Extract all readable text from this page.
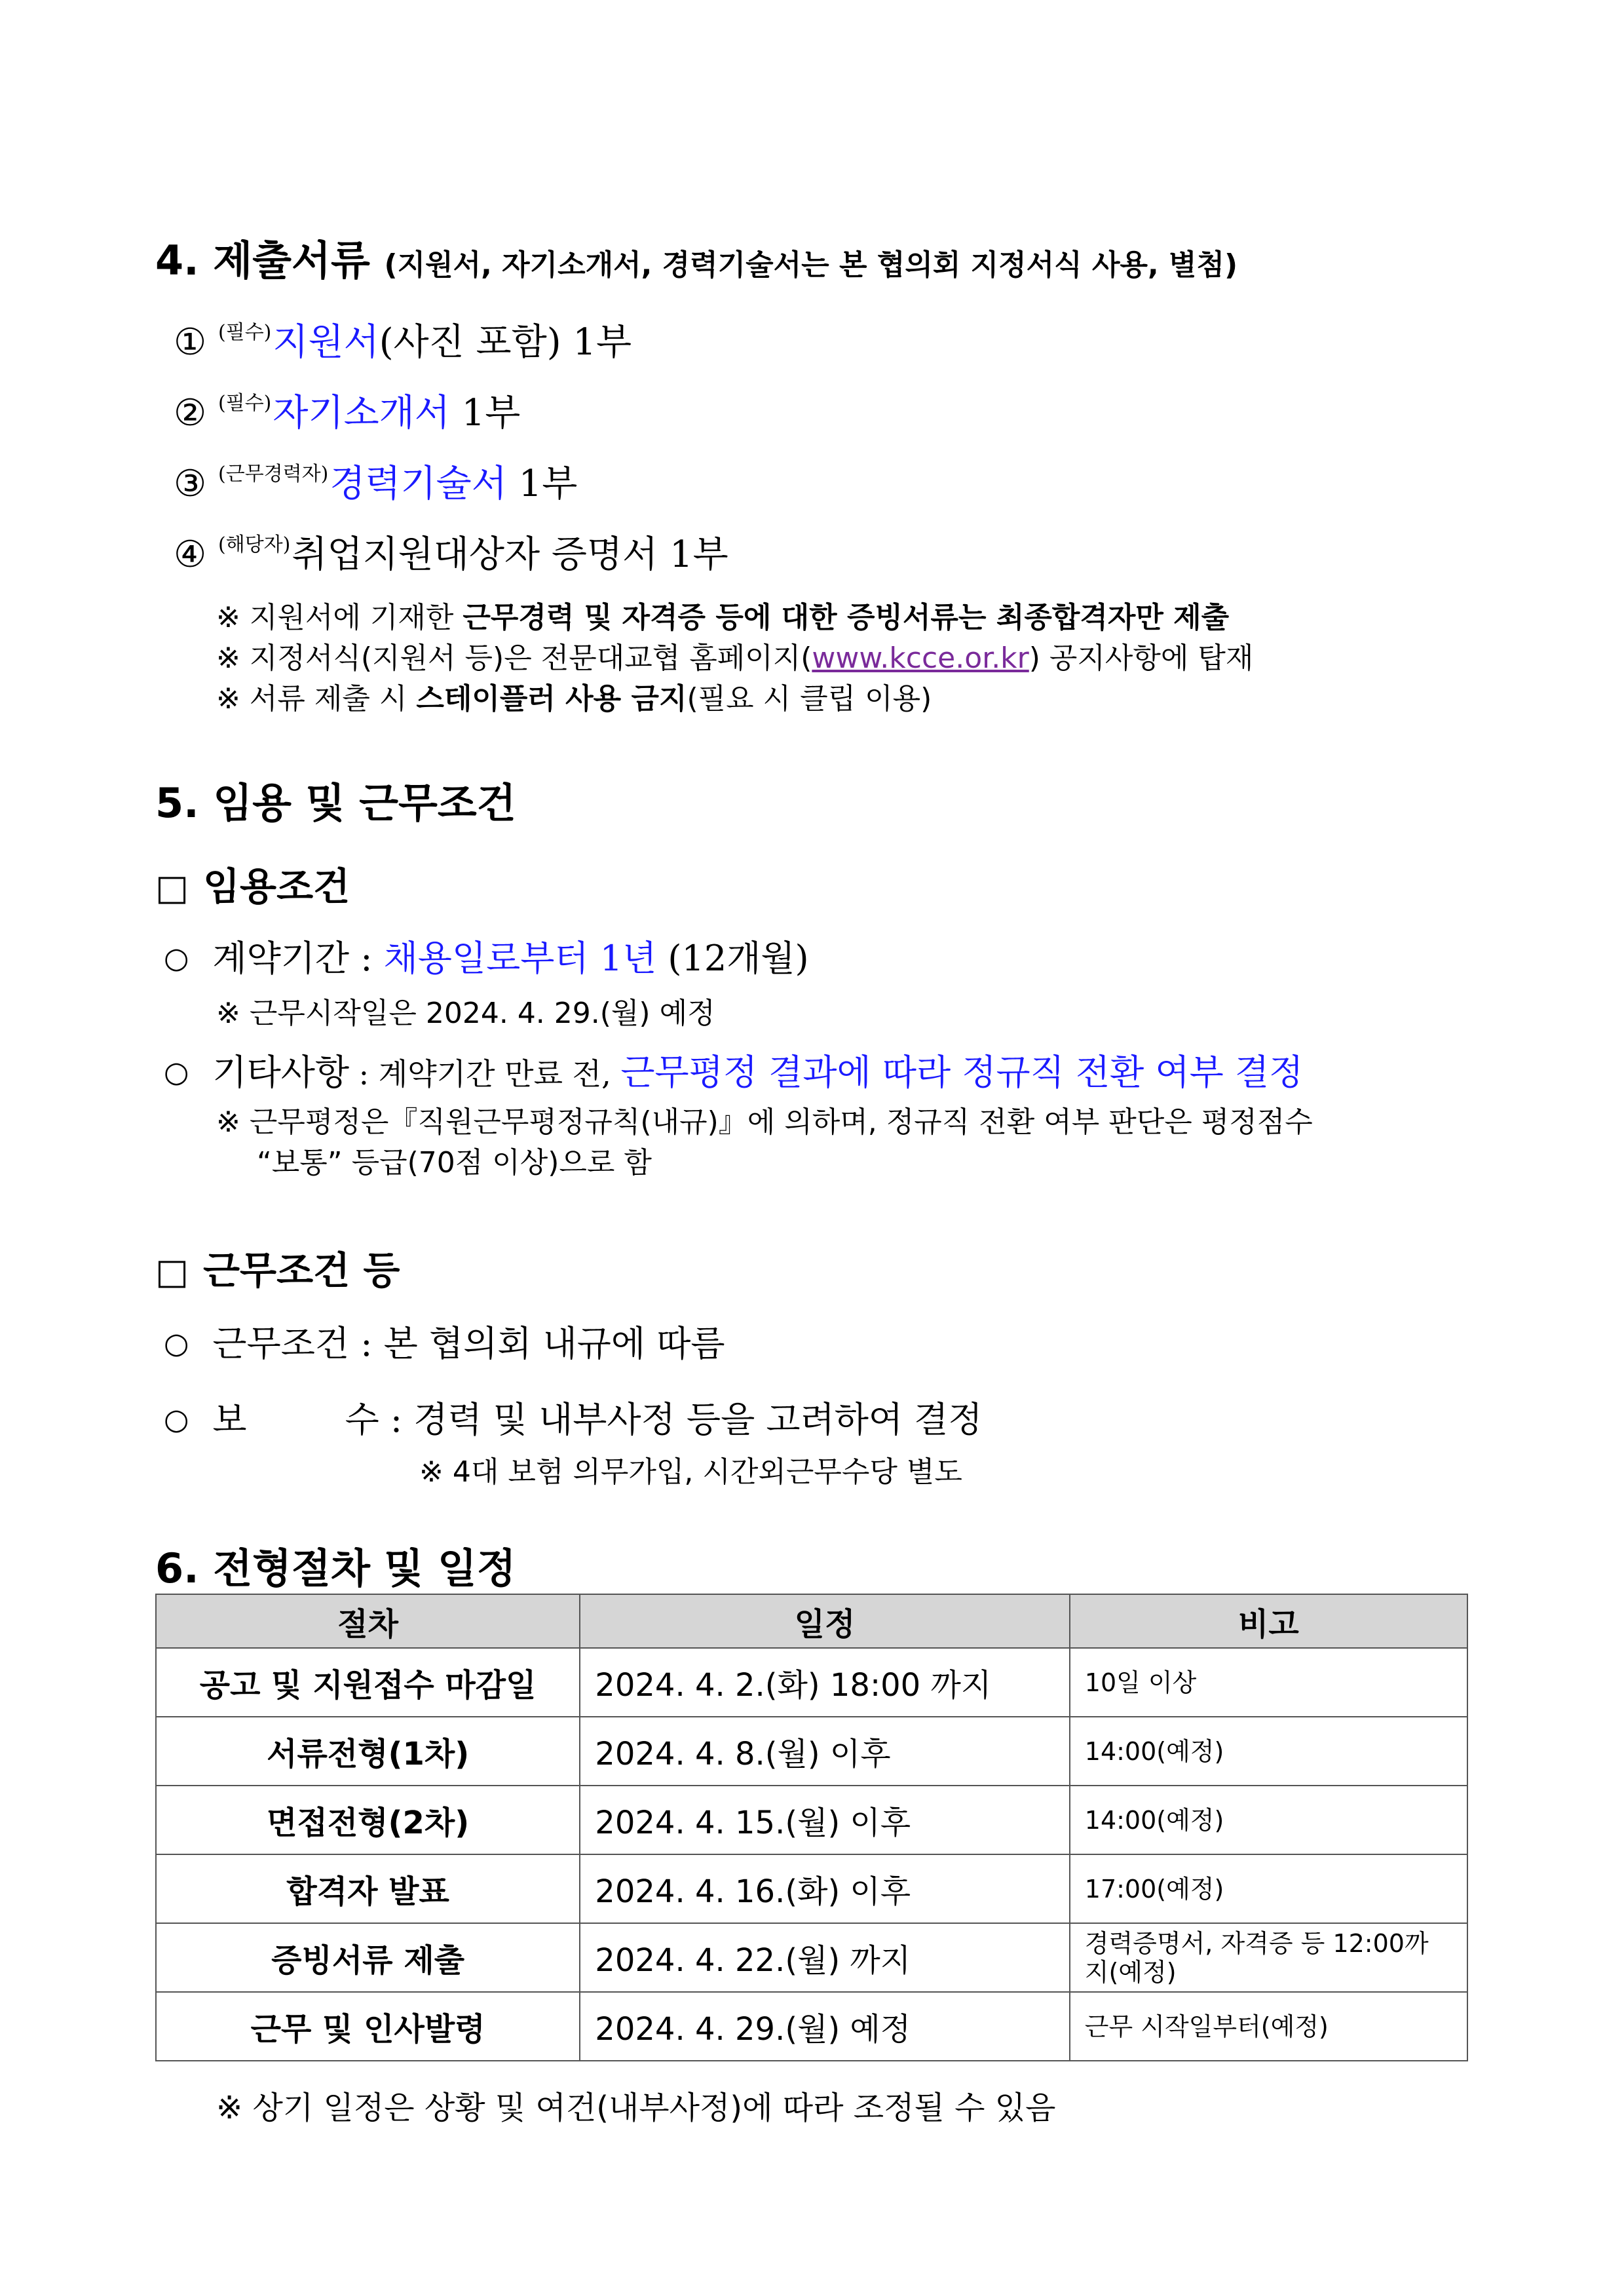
4. 제출서류 (지원서, 자기소개서, 경력기술서는 본 협의회 지정서식 사용, 별첨)
① $^{(필수)}$지원서(사진 포함) 1부
② $^{(필수)}$자기소개서 1부
③ $^{(근무경력자)}$경력기술서 1부
④ $^{(해당자)}$취업지원대상자 증명서 1부
※ 지원서에 기재한 근무경력 및 자격증 등에 대한 증빙서류는 최종합격자만 제출
※ 지정서식(지원서 등)은 전문대교협 홈페이지(www.kcce.or.kr) 공지사항에 탑재
※ 서류 제출 시 스테이플러 사용 금지(필요 시 클립 이용)
5. 임용 및 근무조건
□ 임용조건
○ 계약기간 : 채용일로부터 1년 (12개월)
※ 근무시작일은 2024. 4. 29.(월) 예정
○ 기타사항 : 계약기간 만료 전, 근무평정 결과에 따라 정규직 전환 여부 결정
※ 근무평정은『직원근무평정규칙(내규)』에 의하며, 정규직 전환 여부 판단은 평정점수
“보통” 등급(70점 이상)으로 함
□ 근무조건 등
○ 근무조건 : 본 협의회 내규에 따름
○ 보	수 : 경력 및 내부사정 등을 고려하여 결정
※ 4대 보험 의무가입, 시간외근무수당 별도
6. 전형절차 및 일정
절차	일정	비고
공고 및 지원접수 마감일	2024. 4. 2.(화) 18:00 까지	10일 이상
서류전형(1차)	2024. 4. 8.(월) 이후	14:00(예정)
면접전형(2차)	2024. 4. 15.(월) 이후	14:00(예정)
합격자 발표	2024. 4. 16.(화) 이후	17:00(예정)
증빙서류 제출	2024. 4. 22.(월) 까지	경력증명서, 자격증 등 12:00까지(예정)
근무 및 인사발령	2024. 4. 29.(월) 예정	근무 시작일부터(예정)
※ 상기 일정은 상황 및 여건(내부사정)에 따라 조정될 수 있음
